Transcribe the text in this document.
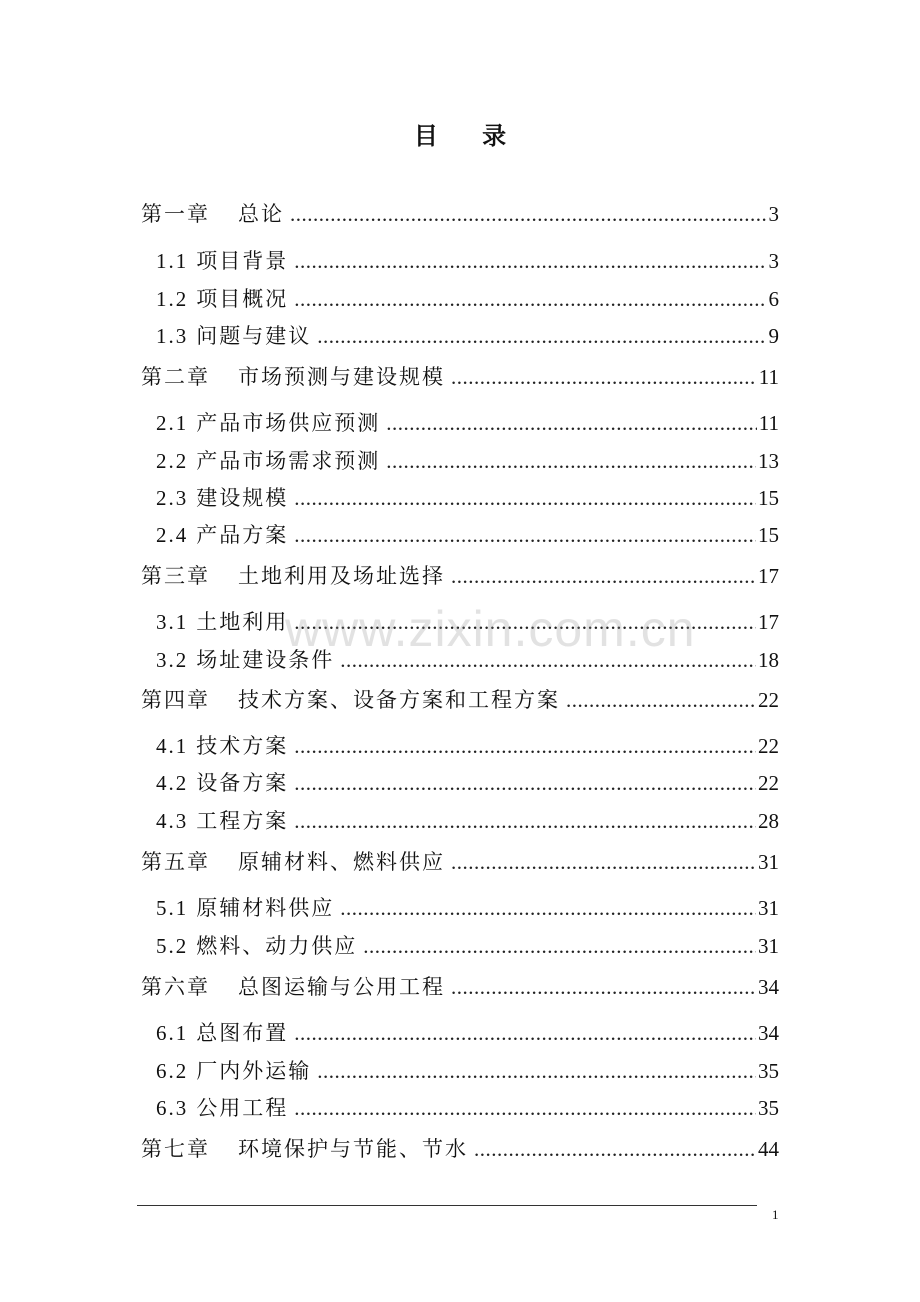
目 录
第一章 总论 .....	3
1.1 项目背景 .....	3
1.2 项目概况 .....	6
1.3 问题与建议 .....	9
第二章 市场预测与建设规模 .....	11
2.1 产品市场供应预测 .....	11
2.2 产品市场需求预测 .....	13
2.3 建设规模 .....	15
2.4 产品方案 .....	15
第三章 土地利用及场址选择 .....	17
3.1 土地利用 .....	17
3.2 场址建设条件 .....	18
第四章 技术方案、设备方案和工程方案 .....	22
4.1 技术方案 .....	22
4.2 设备方案 .....	22
4.3 工程方案 .....	28
第五章 原辅材料、燃料供应 .....	31
5.1 原辅材料供应 .....	31
5.2 燃料、动力供应 .....	31
第六章 总图运输与公用工程 .....	34
6.1 总图布置 .....	34
6.2 厂内外运输 .....	35
6.3 公用工程 .....	35
第七章 环境保护与节能、节水 .....	44
www.zixin.com.cn
1
